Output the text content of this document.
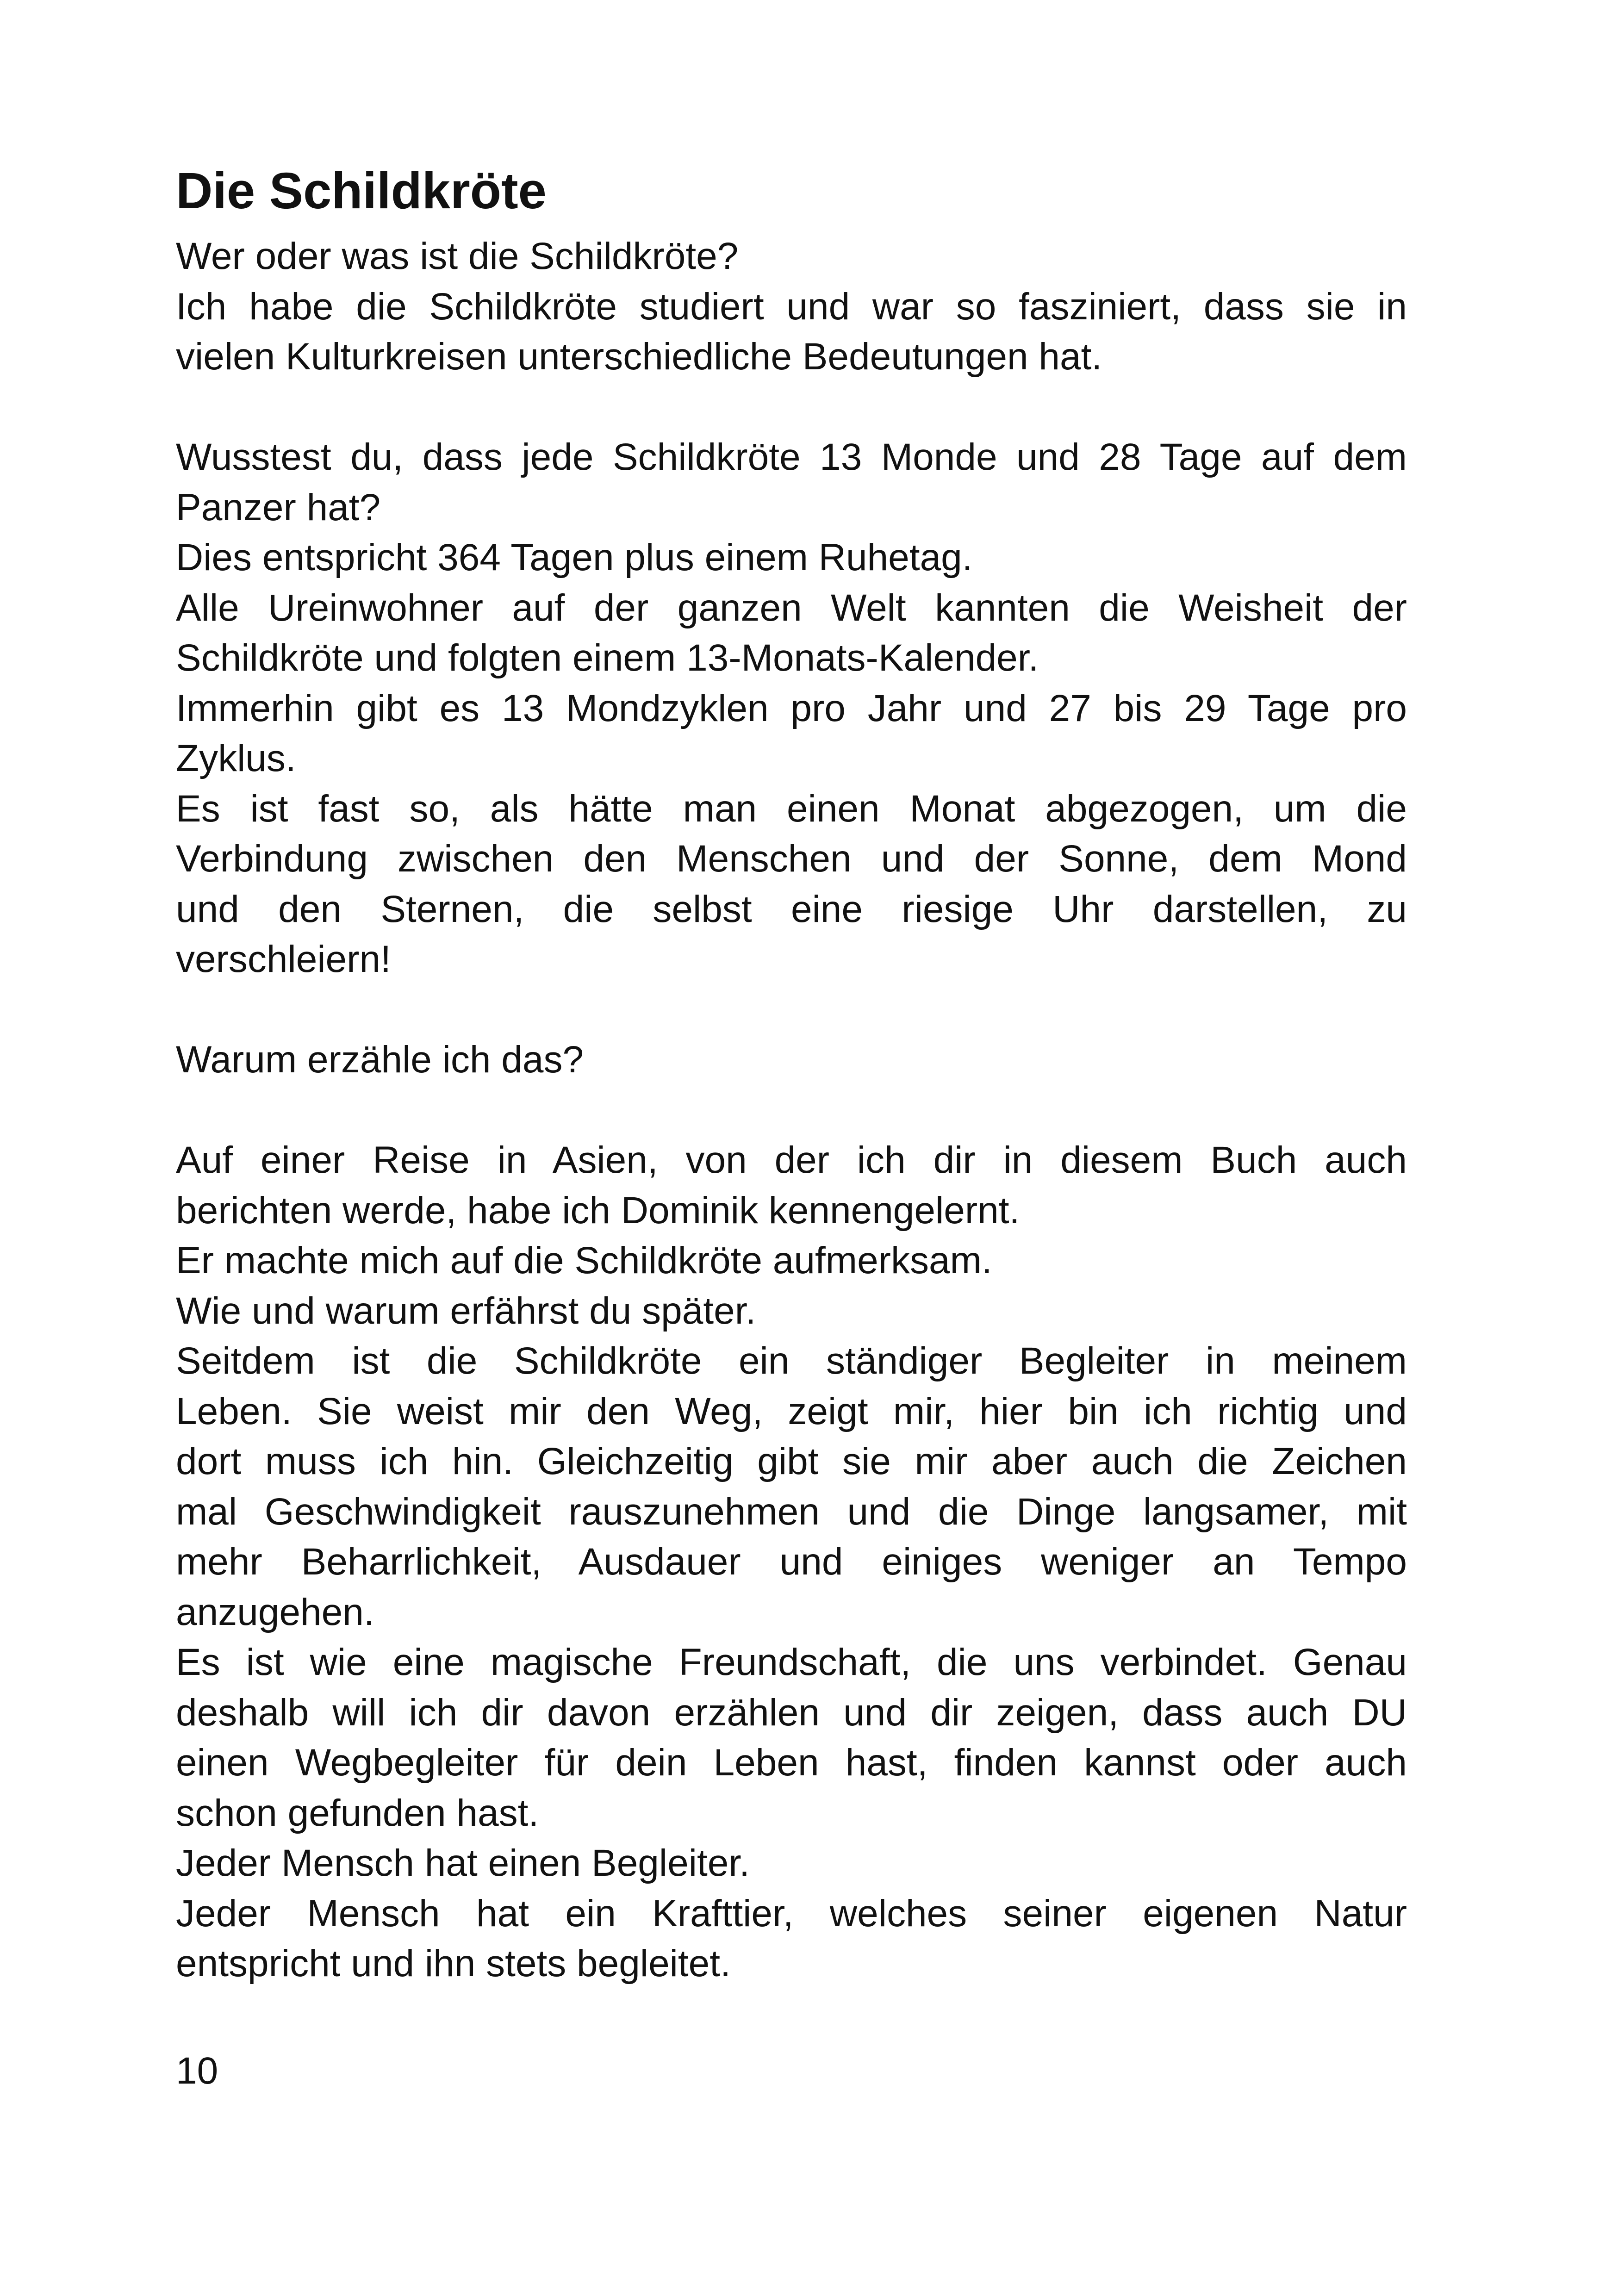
Die Schildkröte
Wer oder was ist die Schildkröte?
Ich habe die Schildkröte studiert und war so fasziniert, dass sie in
vielen Kulturkreisen unterschiedliche Bedeutungen hat.
Wusstest du, dass jede Schildkröte 13 Monde und 28 Tage auf dem
Panzer hat?
Dies entspricht 364 Tagen plus einem Ruhetag.
Alle Ureinwohner auf der ganzen Welt kannten die Weisheit der
Schildkröte und folgten einem 13-Monats-Kalender.
Immerhin gibt es 13 Mondzyklen pro Jahr und 27 bis 29 Tage pro
Zyklus.
Es ist fast so, als hätte man einen Monat abgezogen, um die
Verbindung zwischen den Menschen und der Sonne, dem Mond
und den Sternen, die selbst eine riesige Uhr darstellen, zu
verschleiern!
Warum erzähle ich das?
Auf einer Reise in Asien, von der ich dir in diesem Buch auch
berichten werde, habe ich Dominik kennengelernt.
Er machte mich auf die Schildkröte aufmerksam.
Wie und warum erfährst du später.
Seitdem ist die Schildkröte ein ständiger Begleiter in meinem
Leben. Sie weist mir den Weg, zeigt mir, hier bin ich richtig und
dort muss ich hin. Gleichzeitig gibt sie mir aber auch die Zeichen
mal Geschwindigkeit rauszunehmen und die Dinge langsamer, mit
mehr Beharrlichkeit, Ausdauer und einiges weniger an Tempo
anzugehen.
Es ist wie eine magische Freundschaft, die uns verbindet. Genau
deshalb will ich dir davon erzählen und dir zeigen, dass auch DU
einen Wegbegleiter für dein Leben hast, finden kannst oder auch
schon gefunden hast.
Jeder Mensch hat einen Begleiter.
Jeder Mensch hat ein Krafttier, welches seiner eigenen Natur
entspricht und ihn stets begleitet.
10
